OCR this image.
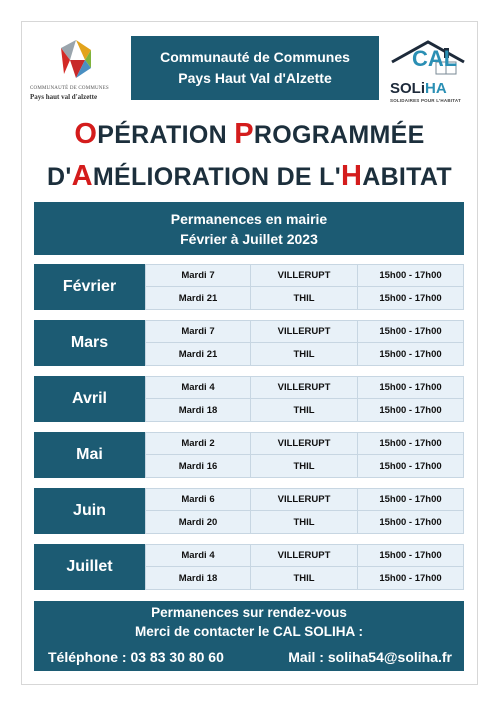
COMMUNAUTÉ DE COMMUNES
Pays haut val d'alzette
Communauté de Communes
Pays Haut Val d'Alzette
CAL
SOLiHA
SOLIDAIRES POUR L'HABITAT
OPÉRATION PROGRAMMÉE
D'AMÉLIORATION DE L'HABITAT
Permanences en mairie
Février à Juillet 2023
Février
Mardi 7	VILLERUPT	15h00 - 17h00
Mardi 21	THIL	15h00 - 17h00
Mars
Mardi 7	VILLERUPT	15h00 - 17h00
Mardi 21	THIL	15h00 - 17h00
Avril
Mardi 4	VILLERUPT	15h00 - 17h00
Mardi 18	THIL	15h00 - 17h00
Mai
Mardi 2	VILLERUPT	15h00 - 17h00
Mardi 16	THIL	15h00 - 17h00
Juin
Mardi 6	VILLERUPT	15h00 - 17h00
Mardi 20	THIL	15h00 - 17h00
Juillet
Mardi 4	VILLERUPT	15h00 - 17h00
Mardi 18	THIL	15h00 - 17h00
Permanences sur rendez-vous
Merci de contacter le CAL SOLIHA :
Téléphone : 03 83 30 80 60	Mail : soliha54@soliha.fr
